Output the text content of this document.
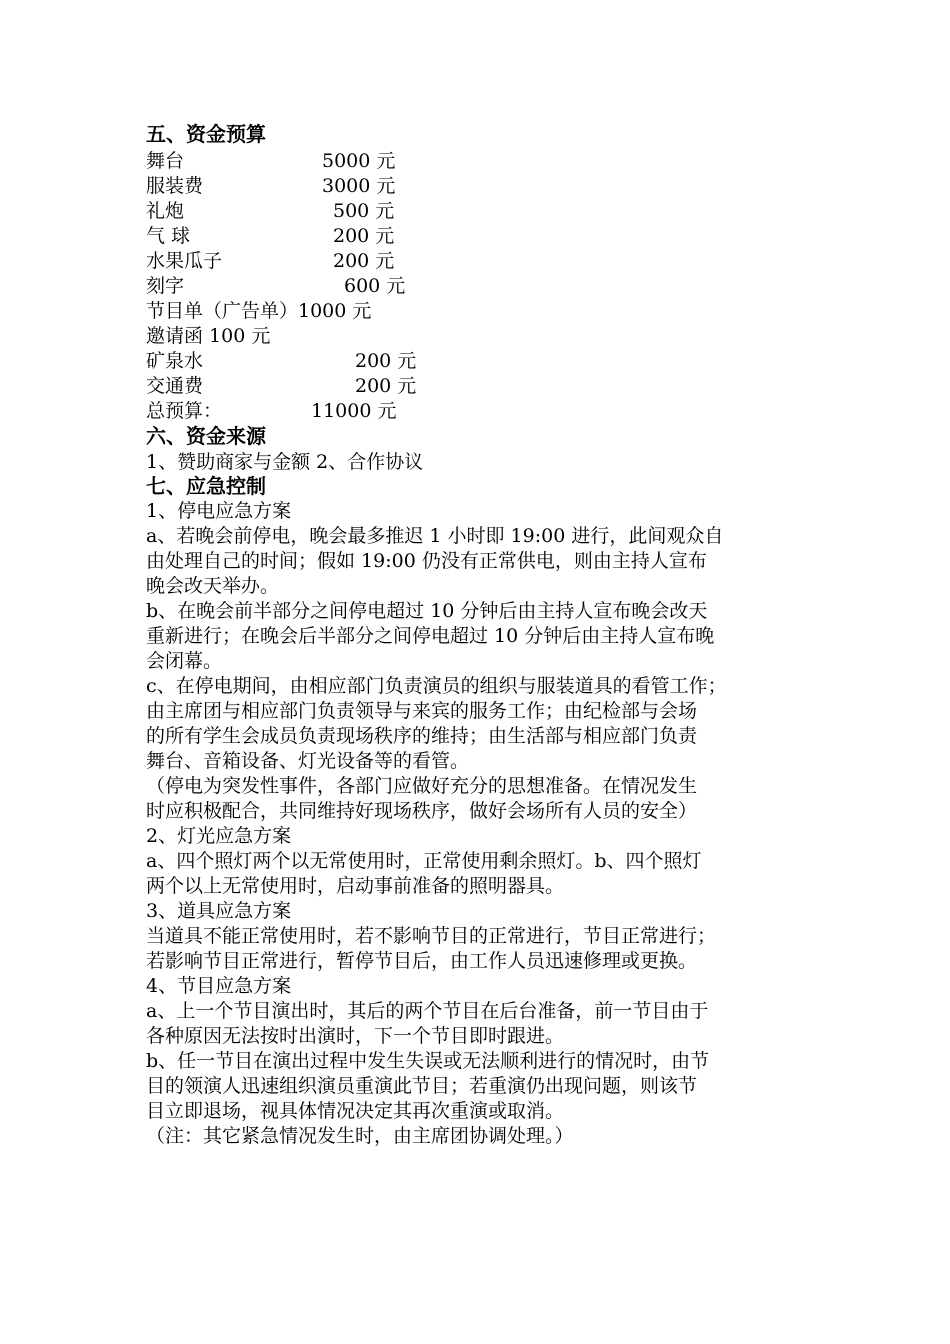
五、资金预算
舞台	5000 元
服装费	3000 元
礼炮	500 元
气 球	200 元
水果瓜子	200 元
刻字	600 元
节目单（广告单）1000 元
邀请函 100 元
矿泉水	200 元
交通费	200 元
总预算：	11000 元
六、资金来源
1、赞助商家与金额 2、合作协议
七、应急控制
1、停电应急方案
a、若晚会前停电，晚会最多推迟 1 小时即 19:00 进行，此间观众自
由处理自己的时间；假如 19:00 仍没有正常供电，则由主持人宣布
晚会改天举办。
b、在晚会前半部分之间停电超过 10 分钟后由主持人宣布晚会改天
重新进行；在晚会后半部分之间停电超过 10 分钟后由主持人宣布晚
会闭幕。
c、在停电期间，由相应部门负责演员的组织与服装道具的看管工作；
由主席团与相应部门负责领导与来宾的服务工作；由纪检部与会场
的所有学生会成员负责现场秩序的维持；由生活部与相应部门负责
舞台、音箱设备、灯光设备等的看管。
（停电为突发性事件，各部门应做好充分的思想准备。在情况发生
时应积极配合，共同维持好现场秩序，做好会场所有人员的安全）
2、灯光应急方案
a、四个照灯两个以无常使用时，正常使用剩余照灯。b、四个照灯
两个以上无常使用时，启动事前准备的照明器具。
3、道具应急方案
当道具不能正常使用时，若不影响节目的正常进行，节目正常进行；
若影响节目正常进行，暂停节目后，由工作人员迅速修理或更换。
4、节目应急方案
a、上一个节目演出时，其后的两个节目在后台准备，前一节目由于
各种原因无法按时出演时，下一个节目即时跟进。
b、任一节目在演出过程中发生失误或无法顺利进行的情况时，由节
目的领演人迅速组织演员重演此节目；若重演仍出现问题，则该节
目立即退场，视具体情况决定其再次重演或取消。
（注：其它紧急情况发生时，由主席团协调处理。）
